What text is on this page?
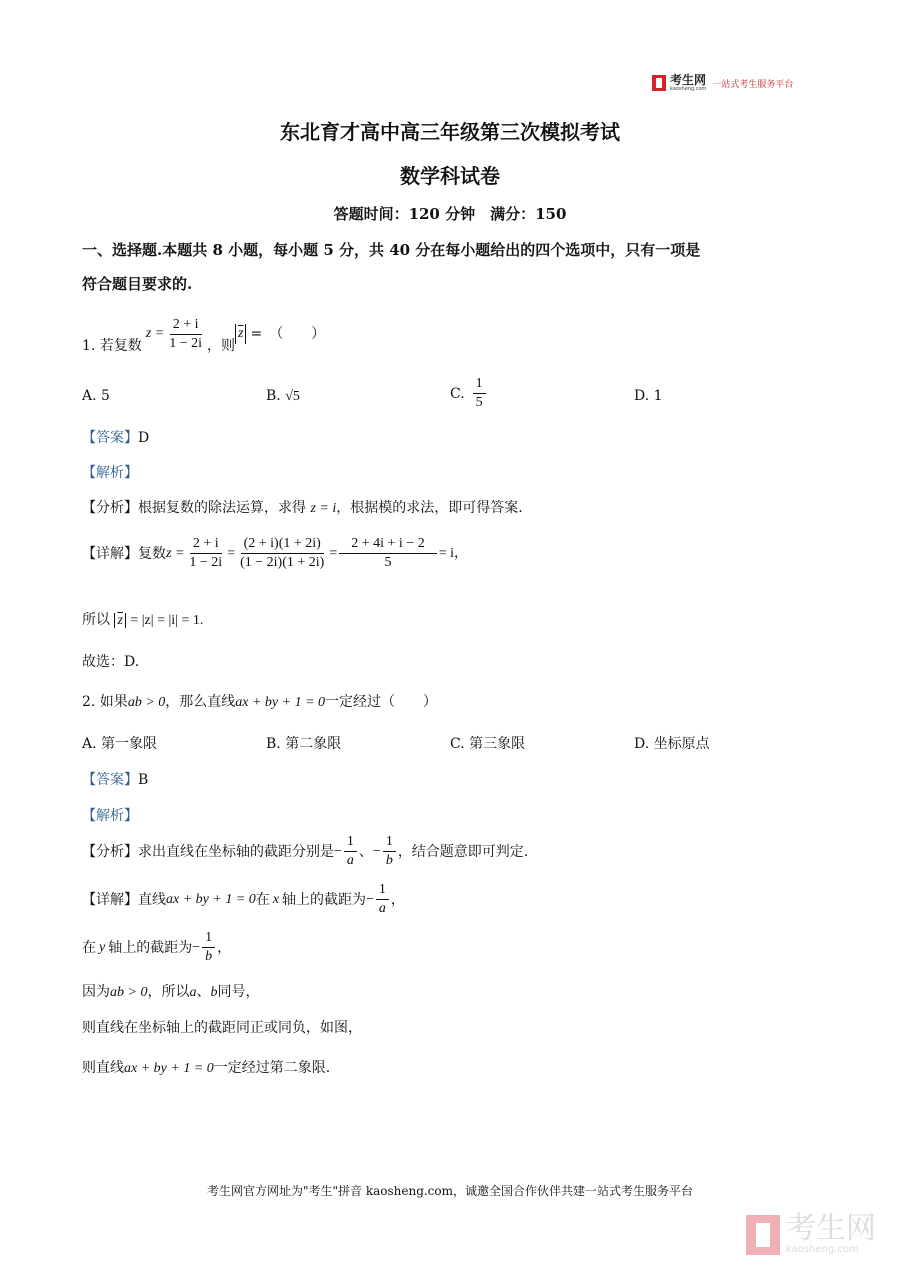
考生网
kaosheng.com 一站式考生服务平台
东北育才高中高三年级第三次模拟考试
数学科试卷
答题时间：120 分钟　满分：150
一、选择题.本题共 8 小题，每小题 5 分，共 40 分在每小题给出的四个选项中，只有一项是
符合题目要求的.
1. 若复数
$z = \frac{2 + i}{1 - 2i}$ ，则
$\overline{z}$ =　（　　）
A. 5	B. √5	C. $\frac{1}{5}$	D. 1
【答案】D
【解析】
【分析】根据复数的除法运算，求得 z = i，根据模的求法，即可得答案.
【详解】 复数 $z = \frac{2 + i}{1 - 2i} = \frac{(2 + i)(1 + 2i)}{(1 - 2i)(1 + 2i)} = \frac{2 + 4i + i - 2}{5} = i$，
所以 $\overline{z} = |z| = |i| = 1$.
故选：D.
2. 如果ab > 0，那么直线ax + by + 1 = 0一定经过（　　）
A. 第一象限	B. 第二象限	C. 第三象限	D. 坐标原点
【答案】B
【解析】
【分析】 求出直线在坐标轴的截距分别是 − $\frac{1}{a}$ 、 − $\frac{1}{b}$ ，结合题意即可判定.
【详解】 直线 ax + by + 1 = 0 在 x 轴上的截距为 − $\frac{1}{a}$ ，
在 y 轴上的截距为 − $\frac{1}{b}$ ，
因为ab > 0，所以a、b同号，
则直线在坐标轴上的截距同正或同负，如图，
则直线ax + by + 1 = 0一定经过第二象限.
考生网官方网址为"考生"拼音 kaosheng.com，诚邀全国合作伙伴共建一站式考生服务平台
考生网
kaosheng.com
